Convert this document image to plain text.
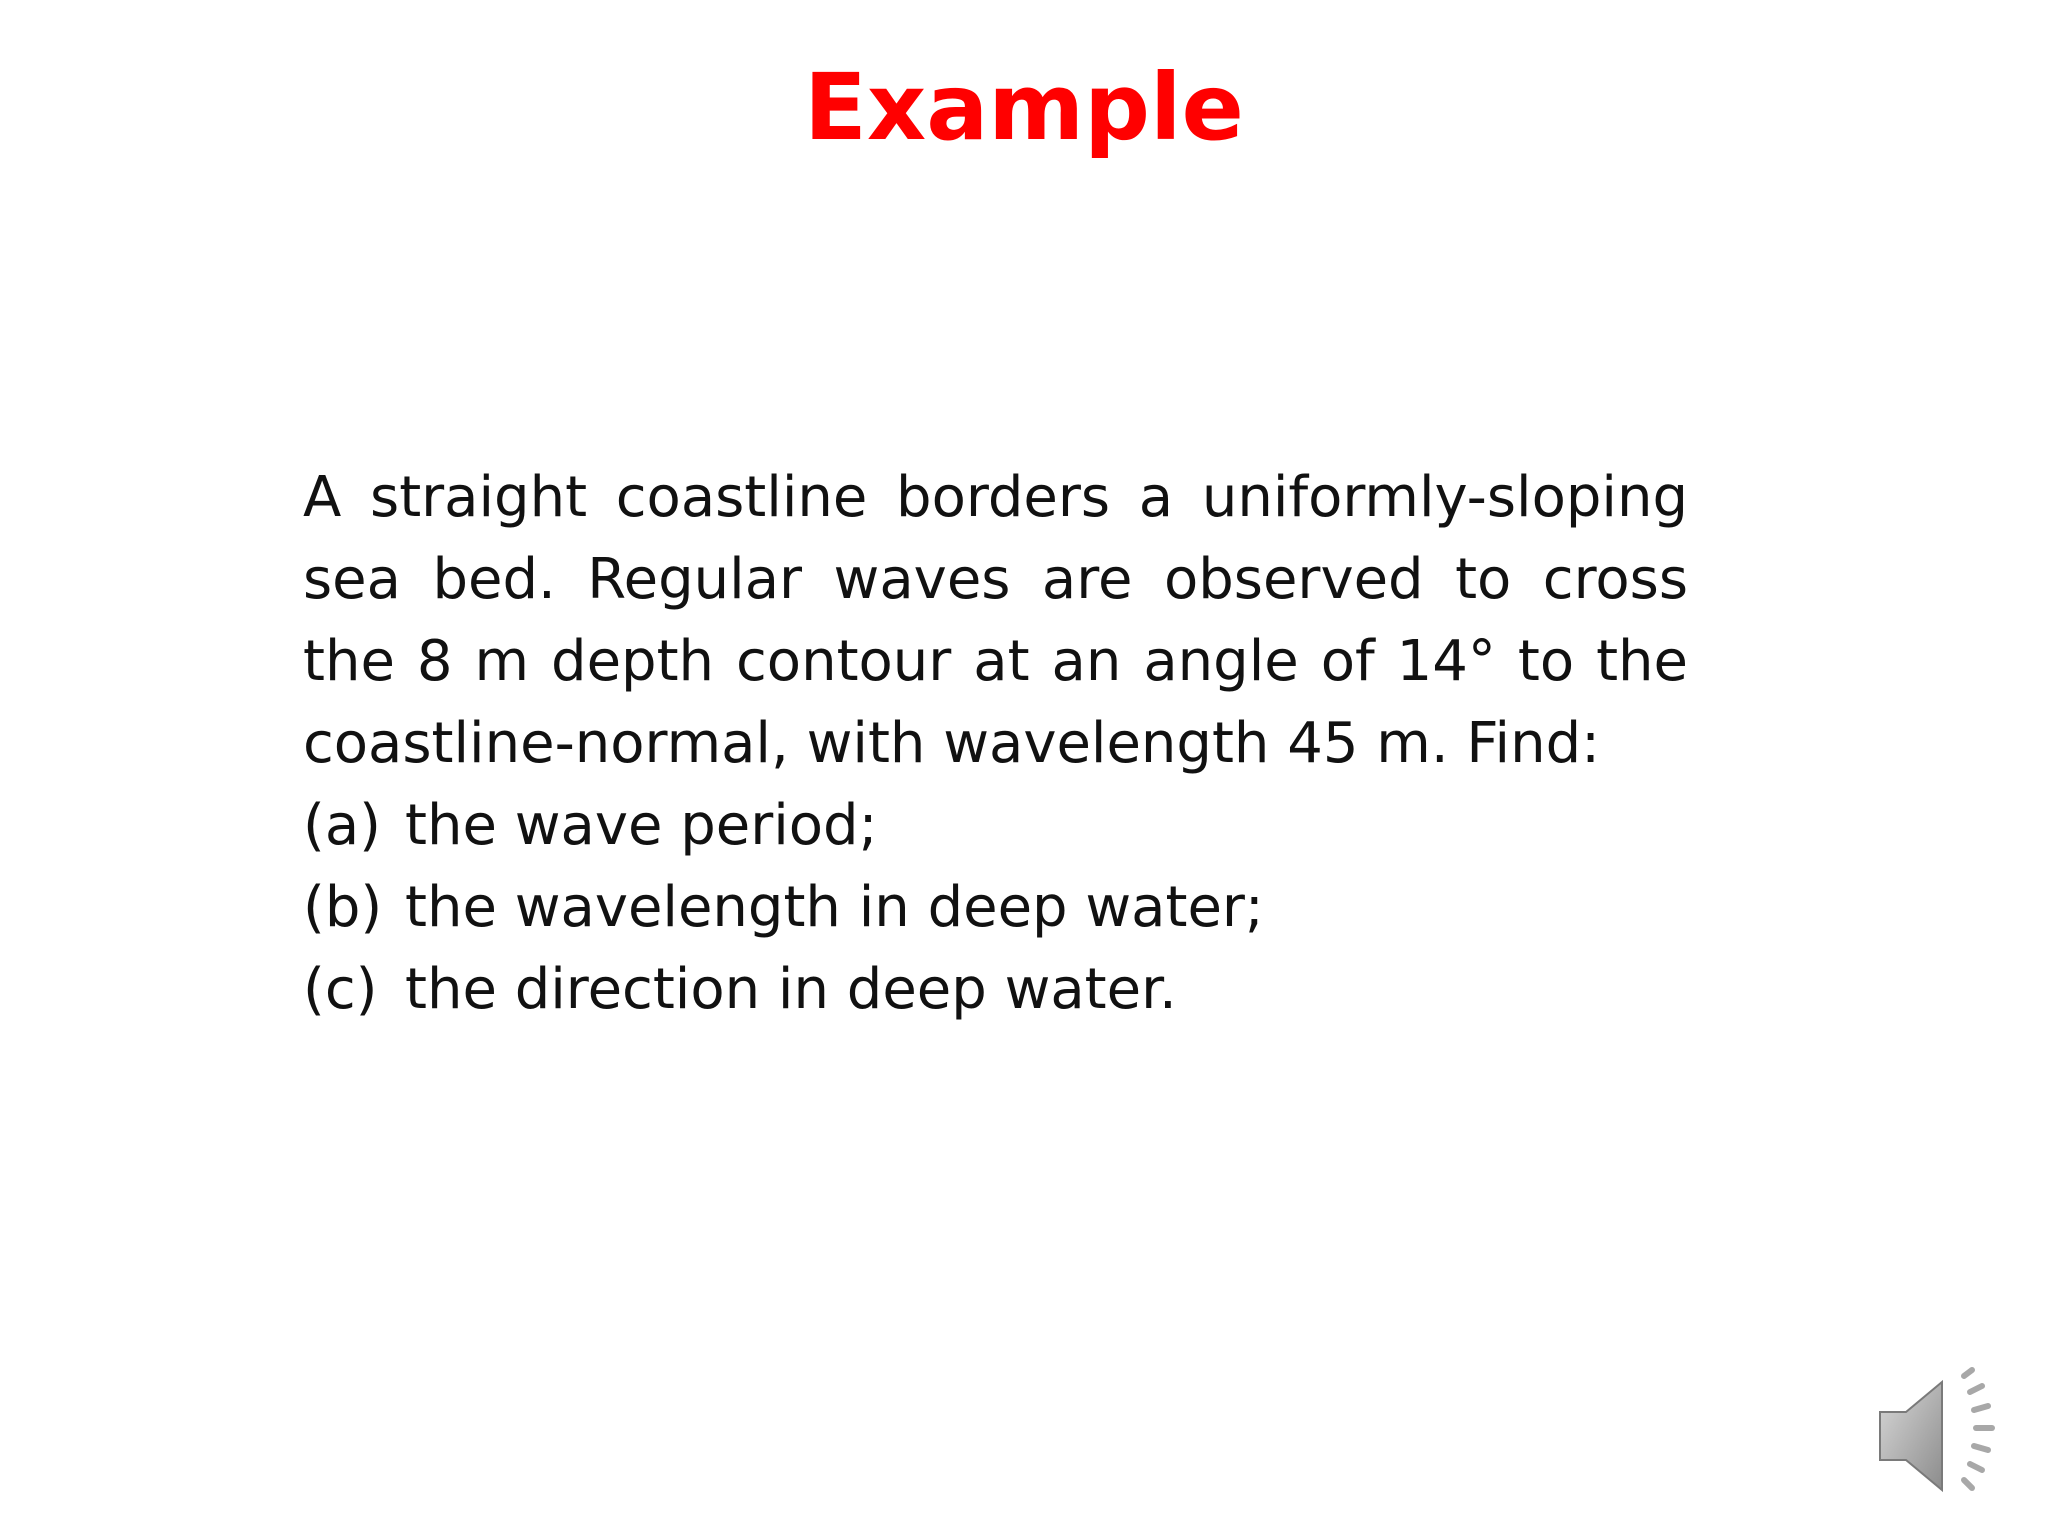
Example

A straight coastline borders a uniformly-sloping sea bed. Regular waves are observed to cross the 8 m depth contour at an angle of 14° to the coastline-normal, with wavelength 45 m. Find:

(a) the wave period;
(b) the wavelength in deep water;
(c) the direction in deep water.
